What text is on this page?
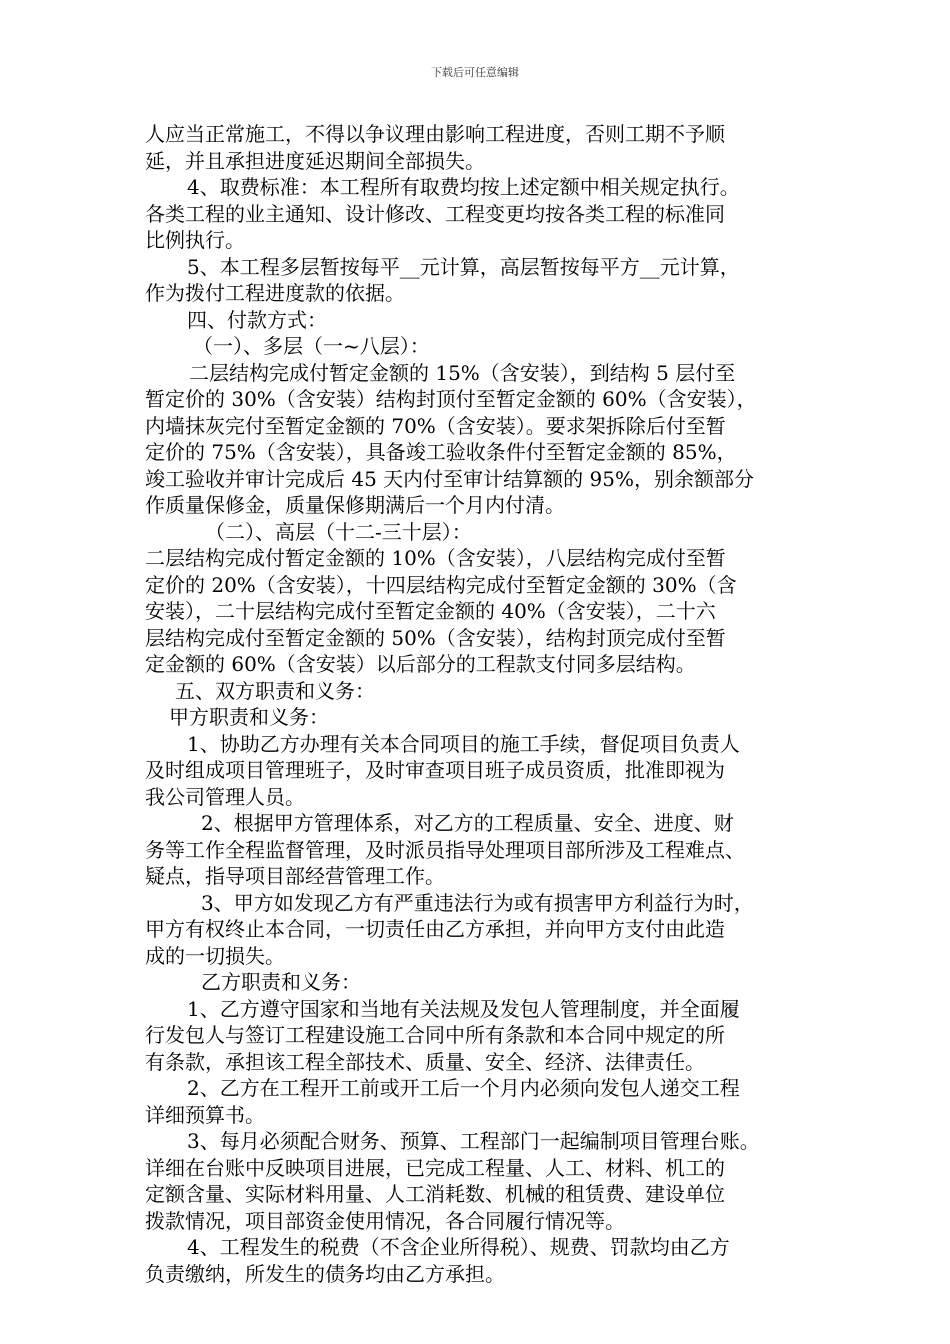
下载后可任意编辑
人应当正常施工，不得以争议理由影响工程进度，否则工期不予顺
延，并且承担进度延迟期间全部损失。
4、取费标准：本工程所有取费均按上述定额中相关规定执行。
各类工程的业主通知、设计修改、工程变更均按各类工程的标准同
比例执行。
5、本工程多层暂按每平__元计算，高层暂按每平方__元计算，
作为拨付工程进度款的依据。
四、付款方式：
（一）、多层（一~八层）：
二层结构完成付暂定金额的 15%（含安装），到结构 5 层付至
暂定价的 30%（含安装）结构封顶付至暂定金额的 60%（含安装），
内墙抹灰完付至暂定金额的 70%（含安装）。要求架拆除后付至暂
定价的 75%（含安装），具备竣工验收条件付至暂定金额的 85%，
竣工验收并审计完成后 45 天内付至审计结算额的 95%，别余额部分
作质量保修金，质量保修期满后一个月内付清。
（二）、高层（十二-三十层）：
二层结构完成付暂定金额的 10%（含安装），八层结构完成付至暂
定价的 20%（含安装），十四层结构完成付至暂定金额的 30%（含
安装），二十层结构完成付至暂定金额的 40%（含安装），二十六
层结构完成付至暂定金额的 50%（含安装），结构封顶完成付至暂
定金额的 60%（含安装）以后部分的工程款支付同多层结构。
五、双方职责和义务：
甲方职责和义务：
1、协助乙方办理有关本合同项目的施工手续，督促项目负责人
及时组成项目管理班子，及时审查项目班子成员资质，批准即视为
我公司管理人员。
2、根据甲方管理体系，对乙方的工程质量、安全、进度、财
务等工作全程监督管理，及时派员指导处理项目部所涉及工程难点、
疑点，指导项目部经营管理工作。
3、甲方如发现乙方有严重违法行为或有损害甲方利益行为时，
甲方有权终止本合同，一切责任由乙方承担，并向甲方支付由此造
成的一切损失。
乙方职责和义务：
1、乙方遵守国家和当地有关法规及发包人管理制度，并全面履
行发包人与签订工程建设施工合同中所有条款和本合同中规定的所
有条款，承担该工程全部技术、质量、安全、经济、法律责任。
2、乙方在工程开工前或开工后一个月内必须向发包人递交工程
详细预算书。
3、每月必须配合财务、预算、工程部门一起编制项目管理台账。
详细在台账中反映项目进展，已完成工程量、人工、材料、机工的
定额含量、实际材料用量、人工消耗数、机械的租赁费、建设单位
拨款情况，项目部资金使用情况，各合同履行情况等。
4、工程发生的税费（不含企业所得税）、规费、罚款均由乙方
负责缴纳，所发生的债务均由乙方承担。
